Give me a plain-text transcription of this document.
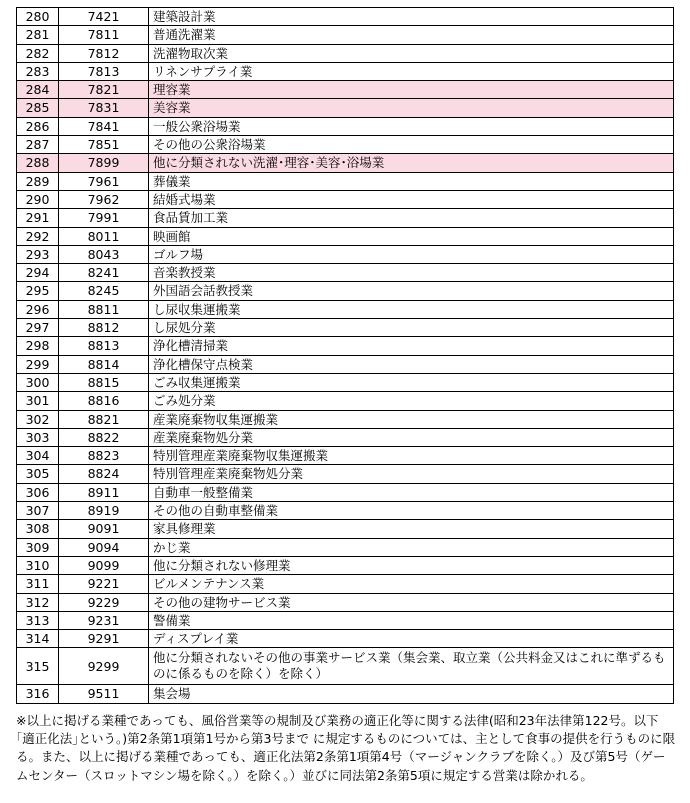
280	7421	建築設計業
281	7811	普通洗濯業
282	7812	洗濯物取次業
283	7813	リネンサプライ業
284	7821	理容業
285	7831	美容業
286	7841	一般公衆浴場業
287	7851	その他の公衆浴場業
288	7899	他に分類されない洗濯･理容･美容･浴場業
289	7961	葬儀業
290	7962	結婚式場業
291	7991	食品賃加工業
292	8011	映画館
293	8043	ゴルフ場
294	8241	音楽教授業
295	8245	外国語会話教授業
296	8811	し尿収集運搬業
297	8812	し尿処分業
298	8813	浄化槽清掃業
299	8814	浄化槽保守点検業
300	8815	ごみ収集運搬業
301	8816	ごみ処分業
302	8821	産業廃棄物収集運搬業
303	8822	産業廃棄物処分業
304	8823	特別管理産業廃棄物収集運搬業
305	8824	特別管理産業廃棄物処分業
306	8911	自動車一般整備業
307	8919	その他の自動車整備業
308	9091	家具修理業
309	9094	かじ業
310	9099	他に分類されない修理業
311	9221	ビルメンテナンス業
312	9229	その他の建物サービス業
313	9231	警備業
314	9291	ディスプレイ業
315	9299	他に分類されないその他の事業サービス業（集会業、取立業（公共料金又はこれに準ずるものに係るものを除く）を除く）
316	9511	集会場

※以上に掲げる業種であっても、風俗営業等の規制及び業務の適正化等に関する法律(昭和23年法律第122号。以下｢適正化法｣という。)第2条第1項第1号から第3号まで に規定するものについては、主として食事の提供を行うものに限る。また、以上に掲げる業種であっても、適正化法第2条第1項第4号（マージャンクラブを除く。）及び第5号（ゲームセンター（スロットマシン場を除く。）を除く。）並びに同法第2条第5項に規定する営業は除かれる。
